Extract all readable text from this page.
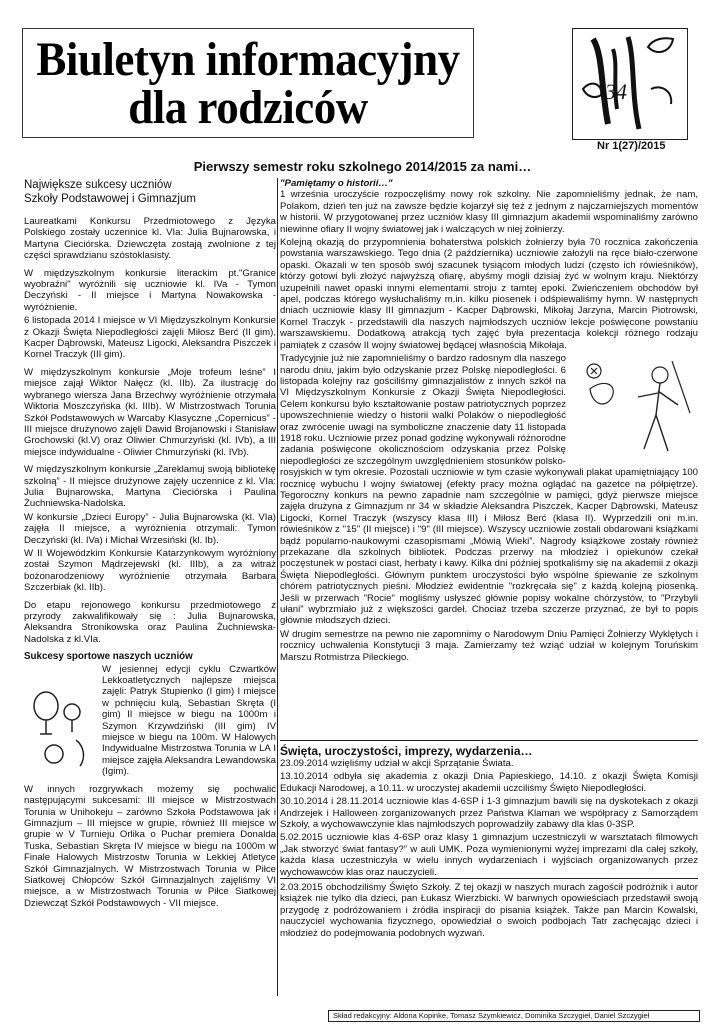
Biuletyn informacyjny
dla rodziców	34
Nr 1(27)/2015
Pierwszy semestr roku szkolnego 2014/2015 za nami…
Największe sukcesy uczniów
Szkoły Podstawowej i Gimnazjum

Laureatkami Konkursu Przedmiotowego z Języka Polskiego zostały uczennice kl. VIa: Julia Bujnarowska, i Martyna Cieciórska. Dziewczęta zostają zwolnione z tej części sprawdzianu szóstoklasisty.

W międzyszkolnym konkursie literackim pt."Granice wyobraźni" wyróżnili się uczniowie kl. IVa - Tymon Deczyński - II miejsce i Martyna Nowakowska - wyróżnienie.

6 listopada 2014 I miejsce w VI Międzyszkolnym Konkursie z Okazji Święta Niepodległości zajęli Miłosz Berć (II gim), Kacper Dąbrowski, Mateusz Ligocki, Aleksandra Piszczek i Kornel Traczyk (III gim).

W międzyszkolnym konkursie „Moje trofeum leśne” I miejsce zajął Wiktor Nałęcz (kl. IIb). Za ilustrację do wybranego wiersza Jana Brzechwy wyróżnienie otrzymała Wiktoria Moszczyńska (kl. IIIb). W Mistrzostwach Torunia Szkół Podstawowych w Warcaby Klasyczne „Copernicus” - III miejsce drużynowo zajęli Dawid Brojanowski i Stanisław Grochowski (kl.V) oraz Oliwier Chmurzyński (kl. IVb), a III miejsce indywidualne - Oliwier Chmurzyński (kl. IVb).

W międzyszkolnym konkursie „Zareklamuj swoją bibliotekę szkolną” - II miejsce drużynowe zajęły uczennice z kl. VIa: Julia Bujnarowska, Martyna Cieciórska i Paulina Żuchniewska-Nadolska.

W konkursie „Dzieci Europy” - Julia Bujnarowska (kl. VIa) zajęła II miejsce, a wyróżnienia otrzymali: Tymon Deczyński (kl. IVa) i Michał Wrzesiński (kl. Ib).

W II Wojewódzkim Konkursie Katarzynkowym wyróżniony został Szymon Mądrzejewski (kl. IIIb), a za witraż bożonarodzeniowy wyróżnienie otrzymała Barbara Szczerbiak (kl. IIb).

Do etapu rejonowego konkursu przedmiotowego z przyrody zakwalifikowały się : Julia Bujnarowska, Aleksandra Stronikowska oraz Paulina Żuchniewska-Nadolska z kl.VIa.

Sukcesy sportowe naszych uczniów

W jesiennej edycji cyklu Czwartków Lekkoatletycznych najlepsze miejsca zajęli: Patryk Stupienko (I gim) I miejsce w pchnięciu kulą, Sebastian Skręta (I gim) II miejsce w biegu na 1000m i Szymon Krzywdziński (III gim) IV miejsce w biegu na 100m. W Halowych Indywidualne Mistrzostwa Torunia w LA I miejsce zajęła Aleksandra Lewandowska (Igim).

W innych rozgrywkach możemy się pochwalić następującymi sukcesami: III miejsce w Mistrzostwach Torunia w Unihokeju – zarówno Szkoła Podstawowa jak i Gimnazjum – III miejsce w grupie, również III miejsce w grupie w V Turnieju Orlika o Puchar premiera Donalda Tuska, Sebastian Skręta IV miejsce w biegu na 1000m w Finale Halowych Mistrzostw Torunia w Lekkiej Atletyce Szkół Gimnazjalnych. W Mistrzostwach Torunia w Piłce Siatkowej Chłopców Szkół Gimnazjalnych zajęliśmy VI miejsce, a w Mistrzostwach Torunia w Piłce Siatkowej Dziewcząt Szkół Podstawowych - VII miejsce.

"Pamiętamy o historii…"

1 września uroczyście rozpoczęliśmy nowy rok szkolny. Nie zapomnieliśmy jednak, że nam, Polakom, dzień ten już na zawsze będzie kojarzył się też z jednym z najczarniejszych momentów w historii. W przygotowanej przez uczniów klasy III gimnazjum akademii wspominaliśmy zarówno niewinne ofiary II wojny światowej jak i walczących w niej żołnierzy.

Kolejną okazją do przypomnienia bohaterstwa polskich żołnierzy była 70 rocznica zakończenia powstania warszawskiego. Tego dnia (2 października) uczniowie założyli na ręce biało-czerwone opaski. Okazali w ten sposób swój szacunek tysiącom młodych ludzi (często ich rówieśników), którzy gotowi byli złożyć najwyższą ofiarę, abyśmy mogli dzisiaj żyć w wolnym kraju. Niektórzy uzupełnili nawet opaski innymi elementami stroju z tamtej epoki. Zwieńczeniem obchodów był apel, podczas którego wysłuchaliśmy m.in. kilku piosenek i odśpiewaliśmy hymn. W następnych dniach uczniowie klasy III gimnazjum - Kacper Dąbrowski, Mikołaj Jarzyna, Marcin Piotrowski, Kornel Traczyk - przedstawili dla naszych najmłodszych uczniów lekcje poświęcone powstaniu warszawskiemu. Dodatkową atrakcją tych zajęć była prezentacja kolekcji różnego rodzaju pamiątek z czasów II wojny światowej będącej własnością Mikołaja.

Tradycyjnie już nie zapomnieliśmy o bardzo radosnym dla naszego narodu dniu, jakim było odzyskanie przez Polskę niepodległości. 6 listopada kolejny raz gościliśmy gimnazjalistów z innych szkół na VI Międzyszkolnym Konkursie z Okazji Święta Niepodległości. Celem konkursu było kształtowanie postaw patriotycznych poprzez upowszechnienie wiedzy o historii walki Polaków o niepodległość oraz zwrócenie uwagi na symboliczne znaczenie daty 11 listopada 1918 roku. Uczniowie przez ponad godzinę wykonywali różnorodne zadania poświęcone okolicznościom odzyskania przez Polskę niepodległości ze szczególnym uwzględnieniem stosunków polsko-rosyjskich w tym okresie. Pozostali uczniowie w tym czasie wykonywali plakat upamiętniający 100 rocznicę wybuchu I wojny światowej (efekty pracy można oglądać na gazetce na półpiętrze). Tegoroczny konkurs na pewno zapadnie nam szczególnie w pamięci, gdyż pierwsze miejsce zajęła drużyna z Gimnazjum nr 34 w składzie Aleksandra Piszczek, Kacper Dąbrowski, Mateusz Ligocki, Kornel Traczyk (wszyscy klasa III) i Miłosz Berć (klasa II). Wyprzedzili oni m.in. rówieśników z "15" (II miejsce) i "9" (III miejsce). Wszyscy uczniowie zostali obdarowani książkami bądź popularno-naukowymi czasopismami „Mówią Wieki”. Nagrody książkowe zostały również przekazane dla szkolnych bibliotek. Podczas przerwy na młodzież i opiekunów czekał poczęstunek w postaci ciast, herbaty i kawy. Kilka dni później spotkaliśmy się na akademii z okazji Święta Niepodległości. Głównym punktem uroczystości było wspólne śpiewanie ze szkolnym chórem patriotycznych pieśni. Młodzież ewidentnie "rozkręcała się" z każdą kolejną piosenką. Jeśli w przerwach "Rocie" mogliśmy usłyszeć głównie popisy wokalne chórzystów, to "Przybyli ułani" wybrzmiało już z większości gardeł. Chociaż trzeba szczerze przyznać, że był to popis głównie młodszych dzieci.

W drugim semestrze na pewno nie zapomnimy o Narodowym Dniu Pamięci Żołnierzy Wyklętych i rocznicy uchwalenia Konstytucji 3 maja. Zamierzamy też wziąć udział w kolejnym Toruńskim Marszu Rotmistrza Pileckiego.

Święta, uroczystości, imprezy, wydarzenia…

23.09.2014 wzięliśmy udział w akcji Sprzątanie Świata.

13.10.2014 odbyła się akademia z okazji Dnia Papieskiego, 14.10. z okazji Święta Komisji Edukacji Narodowej, a 10.11. w uroczystej akademii uczciliśmy Święto Niepodległości.

30.10.2014 i 28.11.2014 uczniowie klas 4-6SP i 1-3 gimnazjum bawili się na dyskotekach z okazji Andrzejek i Halloween zorganizowanych przez Państwa Klaman we współpracy z Samorządem Szkoły, a wychowawczynie klas najmłodszych poprowadziły zabawy dla klas 0-3SP.

5.02.2015 uczniowie klas 4-6SP oraz klasy 1 gimnazjum uczestniczyli w warsztatach filmowych „Jak stworzyć świat fantasy?” w auli UMK. Poza wymienionymi wyżej imprezami dla całej szkoły, każda klasa uczestniczyła w wielu innych wydarzeniach i wyjściach organizowanych przez wychowawców klas oraz nauczycieli.

2.03.2015 obchodziliśmy Święto Szkoły. Z tej okazji w naszych murach zagościł podróżnik i autor książek nie tylko dla dzieci, pan Łukasz Wierzbicki. W barwnych opowieściach przedstawił swoją przygodę z podróżowaniem i źródła inspiracji do pisania książek. Także pan Marcin Kowalski, nauczyciel wychowania fizycznego, opowiedział o swoich podbojach Tatr zachęcając dzieci i młodzież do podejmowania podobnych wyzwań.

Skład redakcyjny: Aldona Kopinke, Tomasz Szymkiewicz, Dominika Szczygieł, Daniel Szczygieł
